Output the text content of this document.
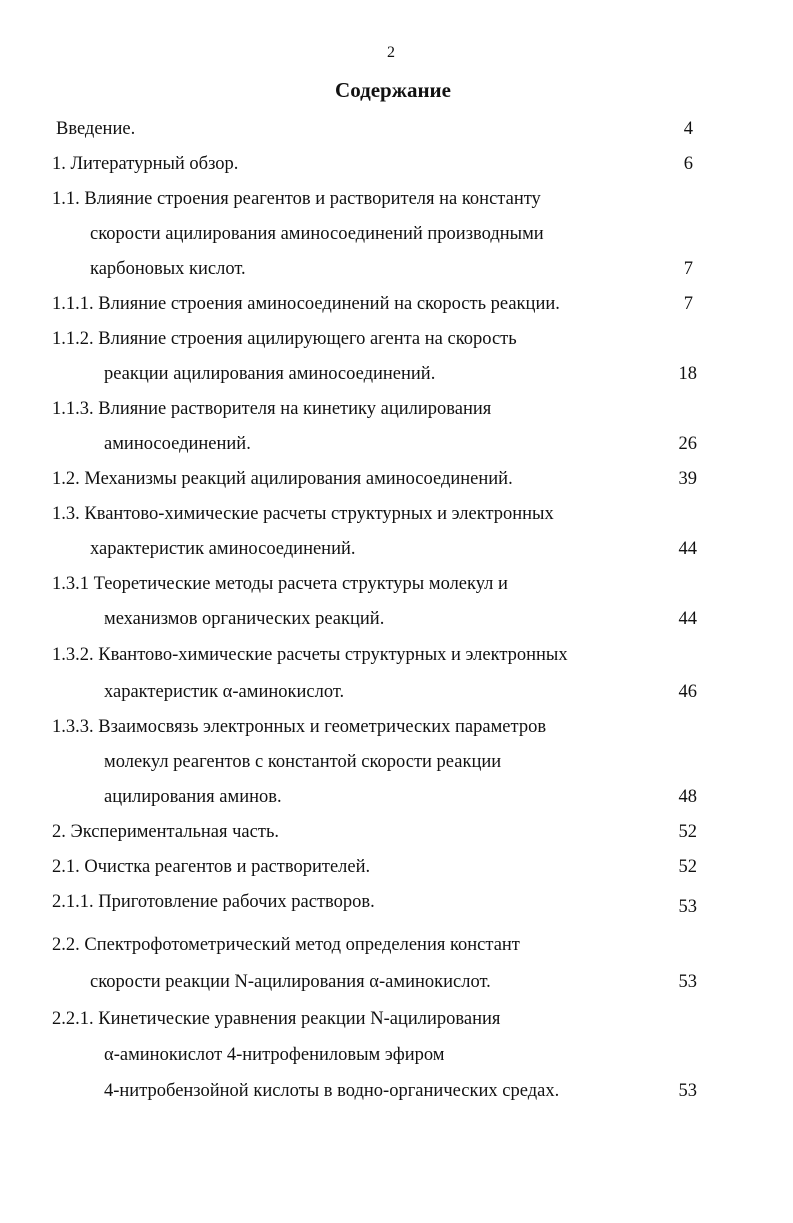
2
Содержание
Введение.	4
1. Литературный обзор.	6
1.1. Влияние строения реагентов и растворителя на константу
скорости ацилирования аминосоединений производными
карбоновых кислот.	7
1.1.1. Влияние строения аминосоединений на скорость реакции.	7
1.1.2. Влияние строения ацилирующего агента на скорость
реакции ацилирования аминосоединений.	18
1.1.3. Влияние растворителя на кинетику ацилирования
аминосоединений.	26
1.2. Механизмы реакций ацилирования аминосоединений.	39
1.3. Квантово-химические расчеты структурных и электронных
характеристик аминосоединений.	44
1.3.1 Теоретические методы расчета структуры молекул и
механизмов органических реакций.	44
1.3.2. Квантово-химические расчеты структурных и электронных
характеристик α-аминокислот.	46
1.3.3. Взаимосвязь электронных и геометрических параметров
молекул реагентов с константой скорости реакции
ацилирования аминов.	48
2. Экспериментальная часть.	52
2.1. Очистка реагентов и растворителей.	52
2.1.1. Приготовление рабочих растворов.	53
2.2. Спектрофотометрический метод определения констант
скорости реакции N-ацилирования α-аминокислот.	53
2.2.1. Кинетические уравнения реакции N-ацилирования
α-аминокислот 4-нитрофениловым эфиром
4-нитробензойной кислоты в водно-органических средах.	53
